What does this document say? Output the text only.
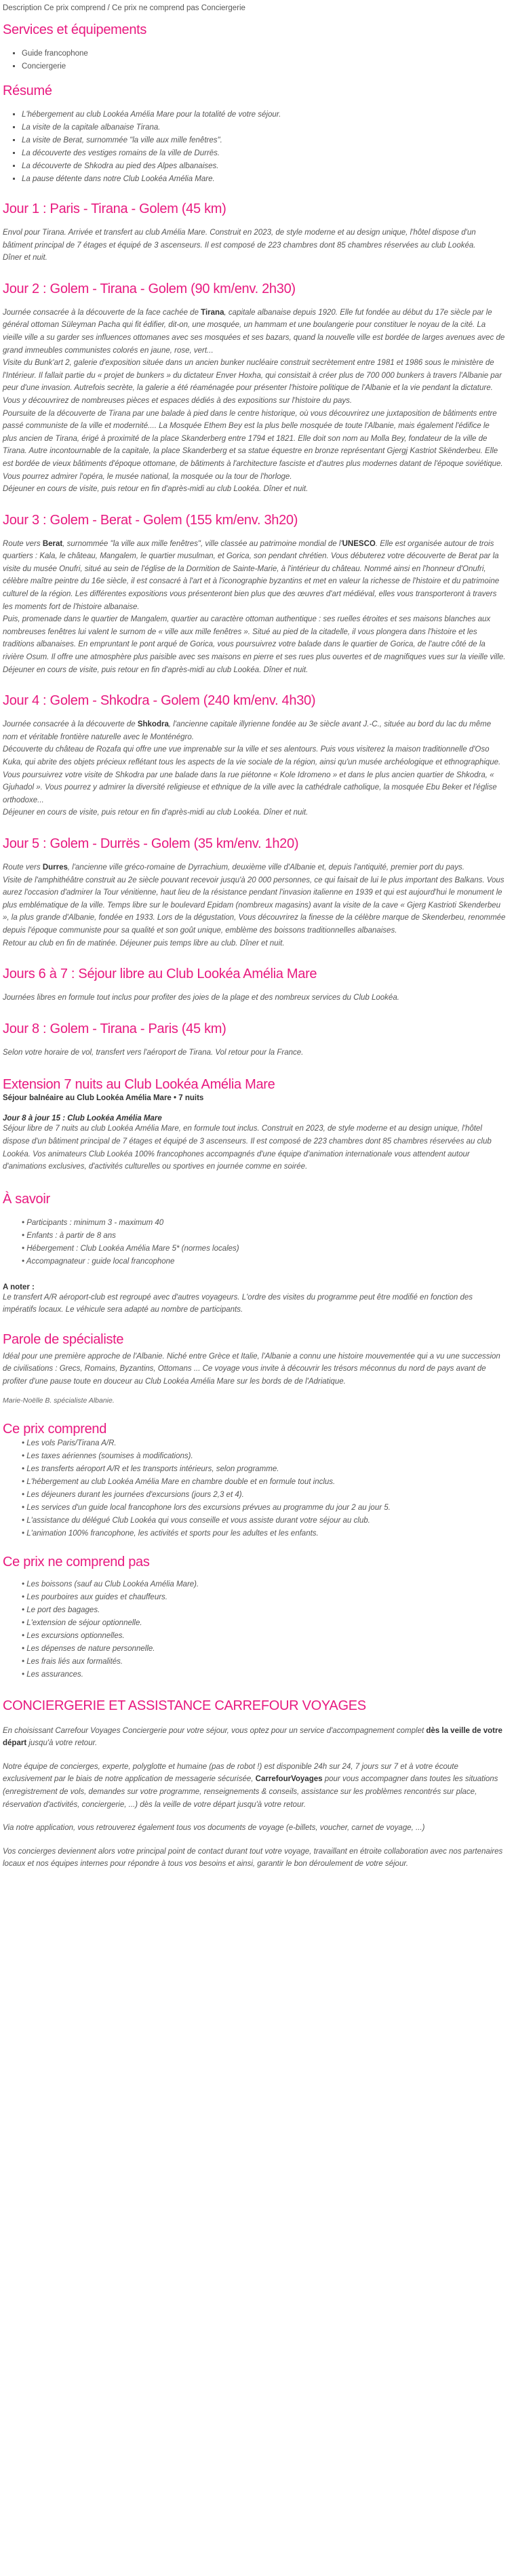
Description Ce prix comprend / Ce prix ne comprend pas Conciergerie
Services et équipements
▪ Guide francophone
▪ Conciergerie
Résumé
▪ L'hébergement au club Lookéa Amélia Mare pour la totalité de votre séjour.
▪ La visite de la capitale albanaise Tirana.
▪ La visite de Berat, surnommée "la ville aux mille fenêtres".
▪ La découverte des vestiges romains de la ville de Durrës.
▪ La découverte de Shkodra au pied des Alpes albanaises.
▪ La pause détente dans notre Club Lookéa Amélia Mare.
Jour 1 : Paris - Tirana - Golem (45 km)

Envol pour Tirana. Arrivée et transfert au club Amélia Mare. Construit en 2023, de style moderne et au design unique, l'hôtel dispose d'un bâtiment principal de 7 étages et équipé de 3 ascenseurs. Il est composé de 223 chambres dont 85 chambres réservées au club Lookéa.

Dîner et nuit.

Jour 2 : Golem - Tirana - Golem (90 km/env. 2h30)

Journée consacrée à la découverte de la face cachée de Tirana, capitale albanaise depuis 1920. Elle fut fondée au début du 17e siècle par le général ottoman Süleyman Pacha qui fit édifier, dit-on, une mosquée, un hammam et une boulangerie pour constituer le noyau de la cité. La vieille ville a su garder ses influences ottomanes avec ses mosquées et ses bazars, quand la nouvelle ville est bordée de larges avenues avec de grand immeubles communistes colorés en jaune, rose, vert...

Visite du Bunk'art 2, galerie d'exposition située dans un ancien bunker nucléaire construit secrètement entre 1981 et 1986 sous le ministère de l'Intérieur. Il fallait partie du « projet de bunkers » du dictateur Enver Hoxha, qui consistait à créer plus de 700 000 bunkers à travers l'Albanie par peur d'une invasion. Autrefois secrète, la galerie a été réaménagée pour présenter l'histoire politique de l'Albanie et la vie pendant la dictature. Vous y découvrirez de nombreuses pièces et espaces dédiés à des expositions sur l'histoire du pays.

Poursuite de la découverte de Tirana par une balade à pied dans le centre historique, où vous découvrirez une juxtaposition de bâtiments entre passé communiste de la ville et modernité.... La Mosquée Ethem Bey est la plus belle mosquée de toute l'Albanie, mais également l'édifice le plus ancien de Tirana, érigé à proximité de la place Skanderberg entre 1794 et 1821. Elle doit son nom au Molla Bey, fondateur de la ville de Tirana. Autre incontournable de la capitale, la place Skanderberg et sa statue équestre en bronze représentant Gjergj Kastriot Skënderbeu. Elle est bordée de vieux bâtiments d'époque ottomane, de bâtiments à l'architecture fasciste et d'autres plus modernes datant de l'époque soviétique. Vous pourrez admirer l'opéra, le musée national, la mosquée ou la tour de l'horloge.

Déjeuner en cours de visite, puis retour en fin d'après-midi au club Lookéa. Dîner et nuit.

Jour 3 : Golem - Berat - Golem (155 km/env. 3h20)

Route vers Berat, surnommée "la ville aux mille fenêtres", ville classée au patrimoine mondial de l'UNESCO. Elle est organisée autour de trois quartiers : Kala, le château, Mangalem, le quartier musulman, et Gorica, son pendant chrétien. Vous débuterez votre découverte de Berat par la visite du musée Onufri, situé au sein de l'église de la Dormition de Sainte-Marie, à l'intérieur du château. Nommé ainsi en l'honneur d'Onufri, célèbre maître peintre du 16e siècle, il est consacré à l'art et à l'iconographie byzantins et met en valeur la richesse de l'histoire et du patrimoine culturel de la région. Les différentes expositions vous présenteront bien plus que des œuvres d'art médiéval, elles vous transporteront à travers les moments fort de l'histoire albanaise.

Puis, promenade dans le quartier de Mangalem, quartier au caractère ottoman authentique : ses ruelles étroites et ses maisons blanches aux nombreuses fenêtres lui valent le surnom de « ville aux mille fenêtres ». Situé au pied de la citadelle, il vous plongera dans l'histoire et les traditions albanaises. En empruntant le pont arqué de Gorica, vous poursuivrez votre balade dans le quartier de Gorica, de l'autre côté de la rivière Osum. Il offre une atmosphère plus paisible avec ses maisons en pierre et ses rues plus ouvertes et de magnifiques vues sur la vieille ville.

Déjeuner en cours de visite, puis retour en fin d'après-midi au club Lookéa. Dîner et nuit.

Jour 4 : Golem - Shkodra - Golem (240 km/env. 4h30)

Journée consacrée à la découverte de Shkodra, l'ancienne capitale illyrienne fondée au 3e siècle avant J.-C., située au bord du lac du même nom et véritable frontière naturelle avec le Monténégro.

Découverte du château de Rozafa qui offre une vue imprenable sur la ville et ses alentours. Puis vous visiterez la maison traditionnelle d'Oso Kuka, qui abrite des objets précieux reflétant tous les aspects de la vie sociale de la région, ainsi qu'un musée archéologique et ethnographique.

Vous poursuivrez votre visite de Shkodra par une balade dans la rue piétonne « Kole Idromeno » et dans le plus ancien quartier de Shkodra, « Gjuhadol ». Vous pourrez y admirer la diversité religieuse et ethnique de la ville avec la cathédrale catholique, la mosquée Ebu Beker et l'église orthodoxe...

Déjeuner en cours de visite, puis retour en fin d'après-midi au club Lookéa. Dîner et nuit.

Jour 5 : Golem - Durrës - Golem (35 km/env. 1h20)

Route vers Durres, l'ancienne ville gréco-romaine de Dyrrachium, deuxième ville d'Albanie et, depuis l'antiquité, premier port du pays.

Visite de l'amphithéâtre construit au 2e siècle pouvant recevoir jusqu'à 20 000 personnes, ce qui faisait de lui le plus important des Balkans. Vous aurez l'occasion d'admirer la Tour vénitienne, haut lieu de la résistance pendant l'invasion italienne en 1939 et qui est aujourd'hui le monument le plus emblématique de la ville. Temps libre sur le boulevard Epidam (nombreux magasins) avant la visite de la cave « Gjerg Kastrioti Skenderbeu », la plus grande d'Albanie, fondée en 1933. Lors de la dégustation, Vous découvrirez la finesse de la célèbre marque de Skenderbeu, renommée depuis l'époque communiste pour sa qualité et son goût unique, emblème des boissons traditionnelles albanaises.

Retour au club en fin de matinée. Déjeuner puis temps libre au club. Dîner et nuit.

Jours 6 à 7 : Séjour libre au Club Lookéa Amélia Mare

Journées libres en formule tout inclus pour profiter des joies de la plage et des nombreux services du Club Lookéa.

Jour 8 : Golem - Tirana - Paris (45 km)

Selon votre horaire de vol, transfert vers l'aéroport de Tirana. Vol retour pour la France.

Extension 7 nuits au Club Lookéa Amélia Mare
Séjour balnéaire au Club Lookéa Amélia Mare • 7 nuits
Jour 8 à jour 15 : Club Lookéa Amélia Mare

Séjour libre de 7 nuits au club Lookéa Amélia Mare, en formule tout inclus. Construit en 2023, de style moderne et au design unique, l'hôtel dispose d'un bâtiment principal de 7 étages et équipé de 3 ascenseurs. Il est composé de 223 chambres dont 85 chambres réservées au club Lookéa. Vos animateurs Club Lookéa 100% francophones accompagnés d'une équipe d'animation internationale vous attendent autour d'animations exclusives, d'activités culturelles ou sportives en journée comme en soirée.

À savoir
• Participants : minimum 3 - maximum 40
• Enfants : à partir de 8 ans
• Hébergement : Club Lookéa Amélia Mare 5* (normes locales)
• Accompagnateur : guide local francophone
A noter :

Le transfert A/R aéroport-club est regroupé avec d'autres voyageurs. L'ordre des visites du programme peut être modifié en fonction des impératifs locaux. Le véhicule sera adapté au nombre de participants.

Parole de spécialiste

Idéal pour une première approche de l'Albanie. Niché entre Grèce et Italie, l'Albanie a connu une histoire mouvementée qui a vu une succession de civilisations : Grecs, Romains, Byzantins, Ottomans ... Ce voyage vous invite à découvrir les trésors méconnus du nord de pays avant de profiter d'une pause toute en douceur au Club Lookéa Amélia Mare sur les bords de de l'Adriatique.

Marie-Noëlle B. spécialiste Albanie.
Ce prix comprend
• Les vols Paris/Tirana A/R.
• Les taxes aériennes (soumises à modifications).
• Les transferts aéroport A/R et les transports intérieurs, selon programme.
• L'hébergement au club Lookéa Amélia Mare en chambre double et en formule tout inclus.
• Les déjeuners durant les journées d'excursions (jours 2,3 et 4).
• Les services d'un guide local francophone lors des excursions prévues au programme du jour 2 au jour 5.
• L'assistance du délégué Club Lookéa qui vous conseille et vous assiste durant votre séjour au club.
• L'animation 100% francophone, les activités et sports pour les adultes et les enfants.
Ce prix ne comprend pas
• Les boissons (sauf au Club Lookéa Amélia Mare).
• Les pourboires aux guides et chauffeurs.
• Le port des bagages.
• L'extension de séjour optionnelle.
• Les excursions optionnelles.
• Les dépenses de nature personnelle.
• Les frais liés aux formalités.
• Les assurances.
CONCIERGERIE ET ASSISTANCE CARREFOUR VOYAGES

En choisissant Carrefour Voyages Conciergerie pour votre séjour, vous optez pour un service d'accompagnement complet dès la veille de votre départ jusqu'à votre retour.

Notre équipe de concierges, experte, polyglotte et humaine (pas de robot !) est disponible 24h sur 24, 7 jours sur 7 et à votre écoute exclusivement par le biais de notre application de messagerie sécurisée, CarrefourVoyages pour vous accompagner dans toutes les situations (enregistrement de vols, demandes sur votre programme, renseignements & conseils, assistance sur les problèmes rencontrés sur place, réservation d'activités, conciergerie, ...) dès la veille de votre départ jusqu'à votre retour.

Via notre application, vous retrouverez également tous vos documents de voyage (e-billets, voucher, carnet de voyage, ...)

Vos concierges deviennent alors votre principal point de contact durant tout votre voyage, travaillant en étroite collaboration avec nos partenaires locaux et nos équipes internes pour répondre à tous vos besoins et ainsi, garantir le bon déroulement de votre séjour.
